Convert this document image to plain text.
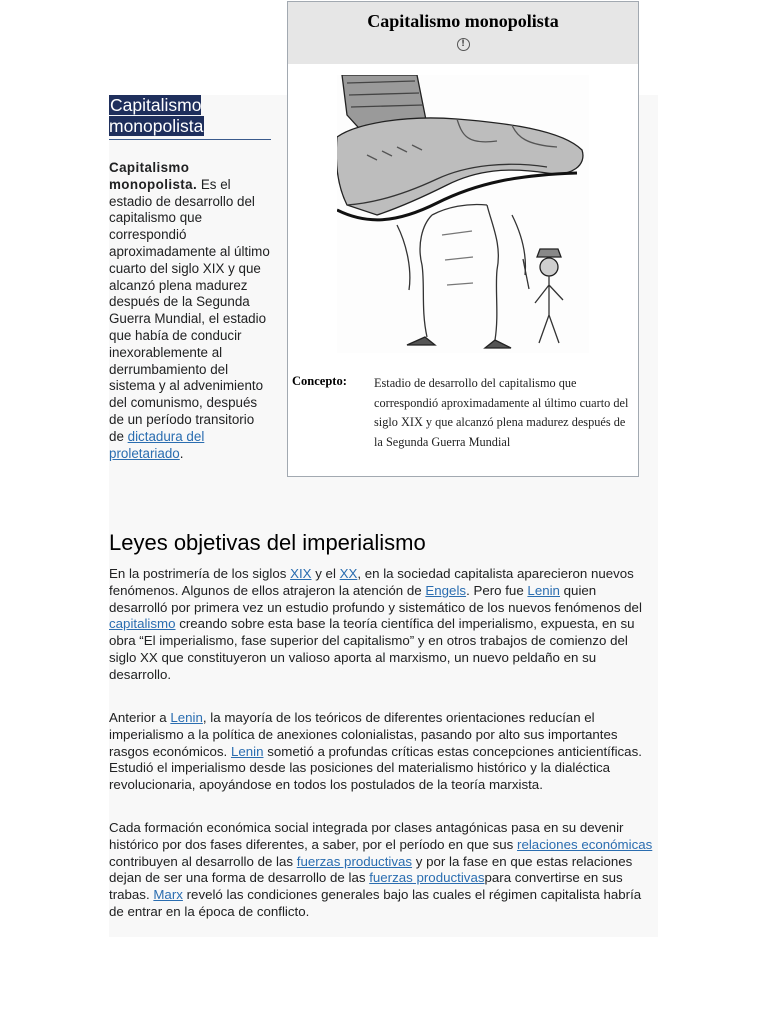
Capitalismo monopolista
Capitalismo monopolista. Es el estadio de desarrollo del capitalismo que correspondió aproximadamente al último cuarto del siglo XIX y que alcanzó plena madurez después de la Segunda Guerra Mundial, el estadio que había de conducir inexorablemente al derrumbamiento del sistema y al advenimiento del comunismo, después de un período transitorio de dictadura del proletariado.
Capitalismo monopolista
!
Concepto: Estadio de desarrollo del capitalismo que correspondió aproximadamente al último cuarto del siglo XIX y que alcanzó plena madurez después de la Segunda Guerra Mundial
Leyes objetivas del imperialismo

En la postrimería de los siglos XIX y el XX, en la sociedad capitalista aparecieron nuevos fenómenos. Algunos de ellos atrajeron la atención de Engels. Pero fue Lenin quien desarrolló por primera vez un estudio profundo y sistemático de los nuevos fenómenos del capitalismo creando sobre esta base la teoría científica del imperialismo, expuesta, en su obra “El imperialismo, fase superior del capitalismo” y en otros trabajos de comienzo del siglo XX que constituyeron un valioso aporta al marxismo, un nuevo peldaño en su desarrollo.

Anterior a Lenin, la mayoría de los teóricos de diferentes orientaciones reducían el imperialismo a la política de anexiones colonialistas, pasando por alto sus importantes rasgos económicos. Lenin sometió a profundas críticas estas concepciones anticientíficas. Estudió el imperialismo desde las posiciones del materialismo histórico y la dialéctica revolucionaria, apoyándose en todos los postulados de la teoría marxista.

Cada formación económica social integrada por clases antagónicas pasa en su devenir histórico por dos fases diferentes, a saber, por el período en que sus relaciones económicas contribuyen al desarrollo de las fuerzas productivas y por la fase en que estas relaciones dejan de ser una forma de desarrollo de las fuerzas productivaspara convertirse en sus trabas. Marx reveló las condiciones generales bajo las cuales el régimen capitalista habría de entrar en la época de conflicto.
